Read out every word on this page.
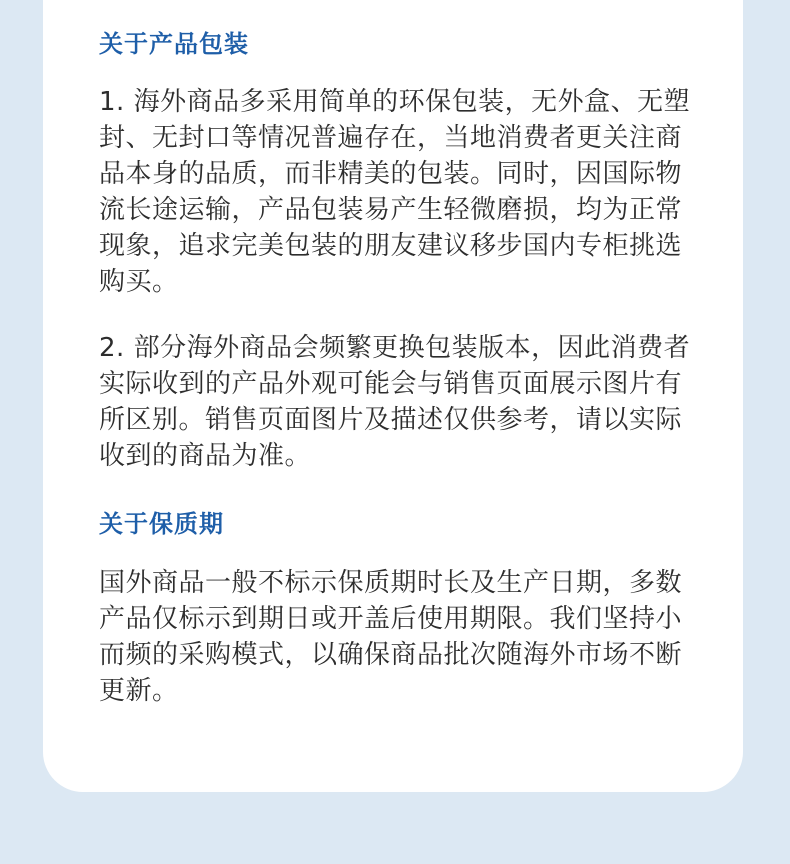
关于产品包装

1. 海外商品多采用简单的环保包装，无外盒、无塑封、无封口等情况普遍存在，当地消费者更关注商品本身的品质，而非精美的包装。同时，因国际物流长途运输，产品包装易产生轻微磨损，均为正常现象，追求完美包装的朋友建议移步国内专柜挑选购买。

2. 部分海外商品会频繁更换包装版本，因此消费者实际收到的产品外观可能会与销售页面展示图片有所区别。销售页面图片及描述仅供参考，请以实际收到的商品为准。

关于保质期

国外商品一般不标示保质期时长及生产日期，多数产品仅标示到期日或开盖后使用期限。我们坚持小而频的采购模式，以确保商品批次随海外市场不断更新。
